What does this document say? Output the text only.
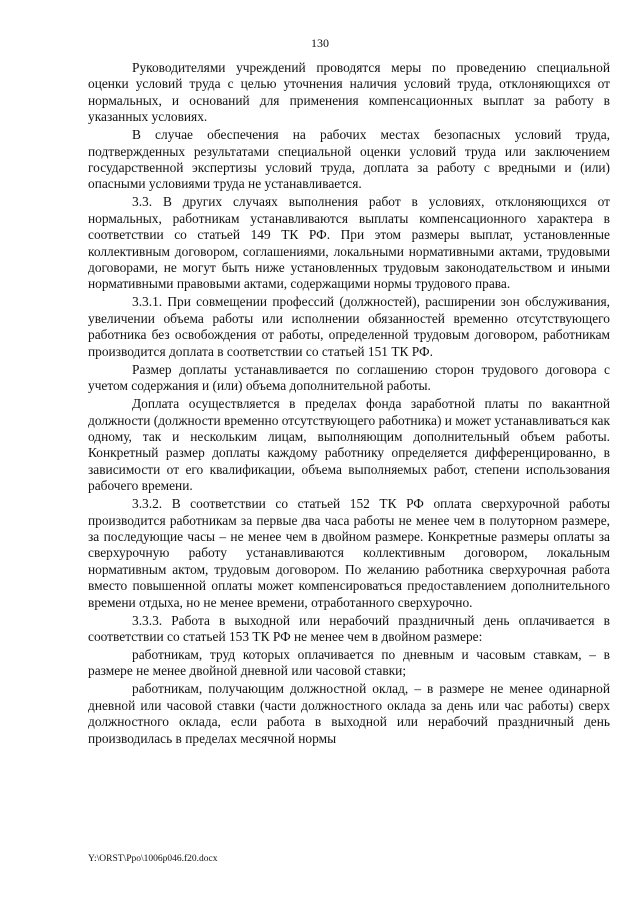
130

Руководителями учреждений проводятся меры по проведению специальной оценки условий труда с целью уточнения наличия условий труда, отклоняющихся от нормальных, и оснований для применения компенсационных выплат за работу в указанных условиях.

В случае обеспечения на рабочих местах безопасных условий труда, подтвержденных результатами специальной оценки условий труда или заключением государственной экспертизы условий труда, доплата за работу с вредными и (или) опасными условиями труда не устанавливается.

3.3. В других случаях выполнения работ в условиях, отклоняющихся от нормальных, работникам устанавливаются выплаты компенсационного характера в соответствии со статьей 149 ТК РФ. При этом размеры выплат, установленные коллективным договором, соглашениями, локальными нормативными актами, трудовыми договорами, не могут быть ниже установленных трудовым законодательством и иными нормативными правовыми актами, содержащими нормы трудового права.

3.3.1. При совмещении профессий (должностей), расширении зон обслуживания, увеличении объема работы или исполнении обязанностей временно отсутствующего работника без освобождения от работы, определенной трудовым договором, работникам производится доплата в соответствии со статьей 151 ТК РФ.

Размер доплаты устанавливается по соглашению сторон трудового договора с учетом содержания и (или) объема дополнительной работы.

Доплата осуществляется в пределах фонда заработной платы по вакантной должности (должности временно отсутствующего работника) и может устанавливаться как одному, так и нескольким лицам, выполняющим дополнительный объем работы. Конкретный размер доплаты каждому работнику определяется дифференцированно, в зависимости от его квалификации, объема выполняемых работ, степени использования рабочего времени.

3.3.2. В соответствии со статьей 152 ТК РФ оплата сверхурочной работы производится работникам за первые два часа работы не менее чем в полуторном размере, за последующие часы – не менее чем в двойном размере. Конкретные размеры оплаты за сверхурочную работу устанавливаются коллективным договором, локальным нормативным актом, трудовым договором. По желанию работника сверхурочная работа вместо повышенной оплаты может компенсироваться предоставлением дополнительного времени отдыха, но не менее времени, отработанного сверхурочно.

3.3.3. Работа в выходной или нерабочий праздничный день оплачивается в соответствии со статьей 153 ТК РФ не менее чем в двойном размере:

работникам, труд которых оплачивается по дневным и часовым ставкам, – в размере не менее двойной дневной или часовой ставки;

работникам, получающим должностной оклад, – в размере не менее одинарной дневной или часовой ставки (части должностного оклада за день или час работы) сверх должностного оклада, если работа в выходной или нерабочий праздничный день производилась в пределах месячной нормы

Y:\ORST\Ppo\1006p046.f20.docx
